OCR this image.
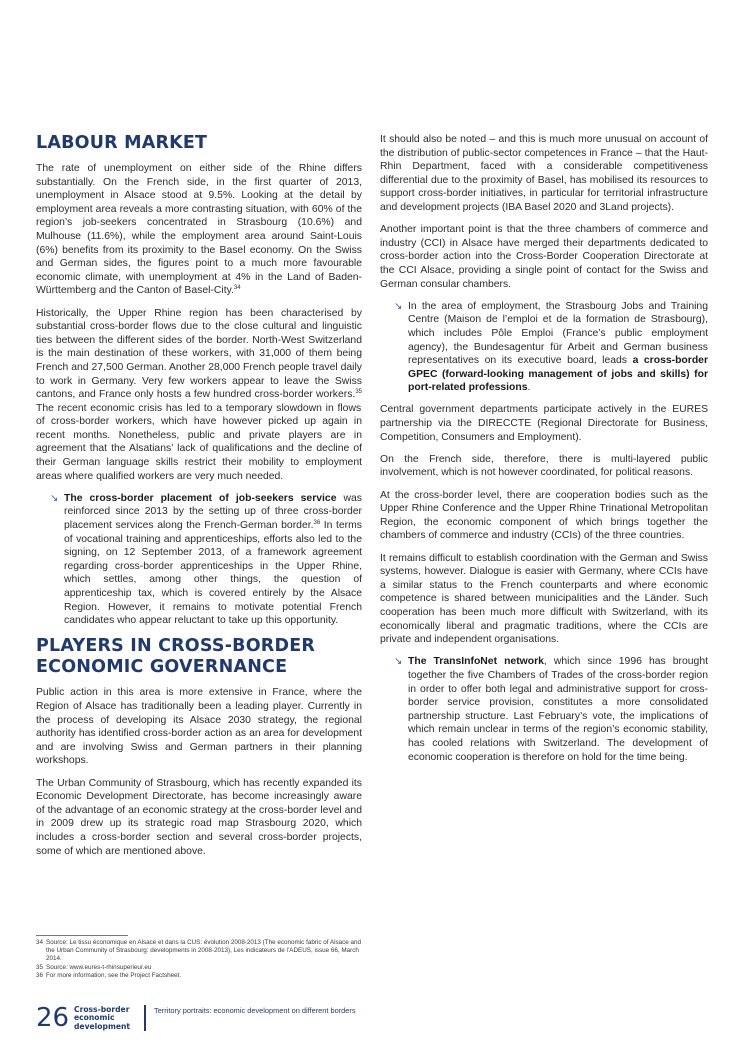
LABOUR MARKET

The rate of unemployment on either side of the Rhine differs substantially. On the French side, in the first quarter of 2013, unemployment in Alsace stood at 9.5%. Looking at the detail by employment area reveals a more contrasting situation, with 60% of the region’s job-seekers concentrated in Strasbourg (10.6%) and Mulhouse (11.6%), while the employment area around Saint-Louis (6%) benefits from its proximity to the Basel economy. On the Swiss and German sides, the figures point to a much more favourable economic climate, with unemployment at 4% in the Land of Baden-Württemberg and the Canton of Basel-City.$^{34}$

Historically, the Upper Rhine region has been characterised by substantial cross-border flows due to the close cultural and linguistic ties between the different sides of the border. North-West Switzerland is the main destination of these workers, with 31,000 of them being French and 27,500 German. Another 28,000 French people travel daily to work in Germany. Very few workers appear to leave the Swiss cantons, and France only hosts a few hundred cross-border workers.$^{35}$ The recent economic crisis has led to a temporary slowdown in flows of cross-border workers, which have however picked up again in recent months. Nonetheless, public and private players are in agreement that the Alsatians’ lack of qualifications and the decline of their German language skills restrict their mobility to employment areas where qualified workers are very much needed.

↘ The cross-border placement of job-seekers service was reinforced since 2013 by the setting up of three cross-border placement services along the French-German border.$^{36}$ In terms of vocational training and apprenticeships, efforts also led to the signing, on 12 September 2013, of a framework agreement regarding cross-border apprenticeships in the Upper Rhine, which settles, among other things, the question of apprenticeship tax, which is covered entirely by the Alsace Region. However, it remains to motivate potential French candidates who appear reluctant to take up this opportunity.

PLAYERS IN CROSS-BORDER ECONOMIC GOVERNANCE

Public action in this area is more extensive in France, where the Region of Alsace has traditionally been a leading player. Currently in the process of developing its Alsace 2030 strategy, the regional authority has identified cross-border action as an area for development and are involving Swiss and German partners in their planning workshops.

The Urban Community of Strasbourg, which has recently expanded its Economic Development Directorate, has become increasingly aware of the advantage of an economic strategy at the cross-border level and in 2009 drew up its strategic road map Strasbourg 2020, which includes a cross-border section and several cross-border projects, some of which are mentioned above.

It should also be noted – and this is much more unusual on account of the distribution of public-sector competences in France – that the Haut-Rhin Department, faced with a considerable competitiveness differential due to the proximity of Basel, has mobilised its resources to support cross-border initiatives, in particular for territorial infrastructure and development projects (IBA Basel 2020 and 3Land projects).

Another important point is that the three chambers of commerce and industry (CCI) in Alsace have merged their departments dedicated to cross-border action into the Cross-Border Cooperation Directorate at the CCI Alsace, providing a single point of contact for the Swiss and German consular chambers.

↘ In the area of employment, the Strasbourg Jobs and Training Centre (Maison de l’emploi et de la formation de Strasbourg), which includes Pôle Emploi (France’s public employment agency), the Bundesagentur für Arbeit and German business representatives on its executive board, leads a cross-border GPEC (forward-looking management of jobs and skills) for port-related professions.

Central government departments participate actively in the EURES partnership via the DIRECCTE (Regional Directorate for Business, Competition, Consumers and Employment).

On the French side, therefore, there is multi-layered public involvement, which is not however coordinated, for political reasons.

At the cross-border level, there are cooperation bodies such as the Upper Rhine Conference and the Upper Rhine Trinational Metropolitan Region, the economic component of which brings together the chambers of commerce and industry (CCIs) of the three countries.

It remains difficult to establish coordination with the German and Swiss systems, however. Dialogue is easier with Germany, where CCIs have a similar status to the French counterparts and where economic competence is shared between municipalities and the Länder. Such cooperation has been much more difficult with Switzerland, with its economically liberal and pragmatic traditions, where the CCIs are private and independent organisations.

↘ The TransInfoNet network, which since 1996 has brought together the five Chambers of Trades of the cross-border region in order to offer both legal and administrative support for cross-border service provision, constitutes a more consolidated partnership structure. Last February’s vote, the implications of which remain unclear in terms of the region’s economic stability, has cooled relations with Switzerland. The development of economic cooperation is therefore on hold for the time being.

34 Source: Le tissu économique en Alsace et dans la CUS: évolution 2008-2013 (The economic fabric of Alsace and the Urban Community of Strasbourg: developments in 2008-2013), Les indicateurs de l’ADEUS, issue 66, March 2014.
35 Source: www.eures-t-rhinsuperieur.eu
36 For more information, see the Project Factsheet.
26 Cross-border
economic
development
Territory portraits: economic development on different borders
